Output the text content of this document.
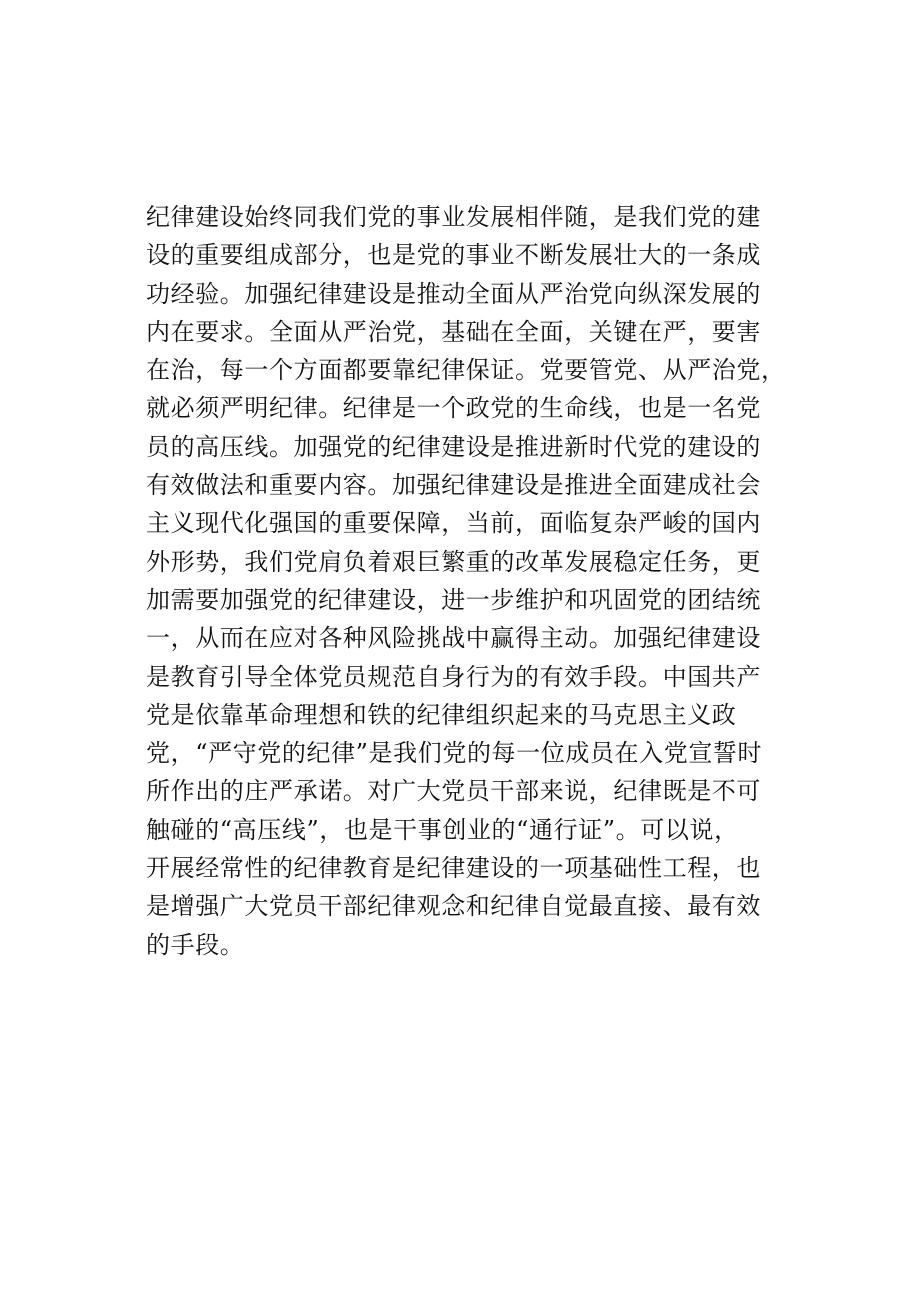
纪律建设始终同我们党的事业发展相伴随，是我们党的建
设的重要组成部分，也是党的事业不断发展壮大的一条成
功经验。加强纪律建设是推动全面从严治党向纵深发展的
内在要求。全面从严治党，基础在全面，关键在严，要害
在治，每一个方面都要靠纪律保证。党要管党、从严治党，
就必须严明纪律。纪律是一个政党的生命线，也是一名党
员的高压线。加强党的纪律建设是推进新时代党的建设的
有效做法和重要内容。加强纪律建设是推进全面建成社会
主义现代化强国的重要保障，当前，面临复杂严峻的国内
外形势，我们党肩负着艰巨繁重的改革发展稳定任务，更
加需要加强党的纪律建设，进一步维护和巩固党的团结统
一，从而在应对各种风险挑战中赢得主动。加强纪律建设
是教育引导全体党员规范自身行为的有效手段。中国共产
党是依靠革命理想和铁的纪律组织起来的马克思主义政
党，“严守党的纪律”是我们党的每一位成员在入党宣誓时
所作出的庄严承诺。对广大党员干部来说，纪律既是不可
触碰的“高压线”，也是干事创业的“通行证”。可以说，
开展经常性的纪律教育是纪律建设的一项基础性工程，也
是增强广大党员干部纪律观念和纪律自觉最直接、最有效
的手段。
